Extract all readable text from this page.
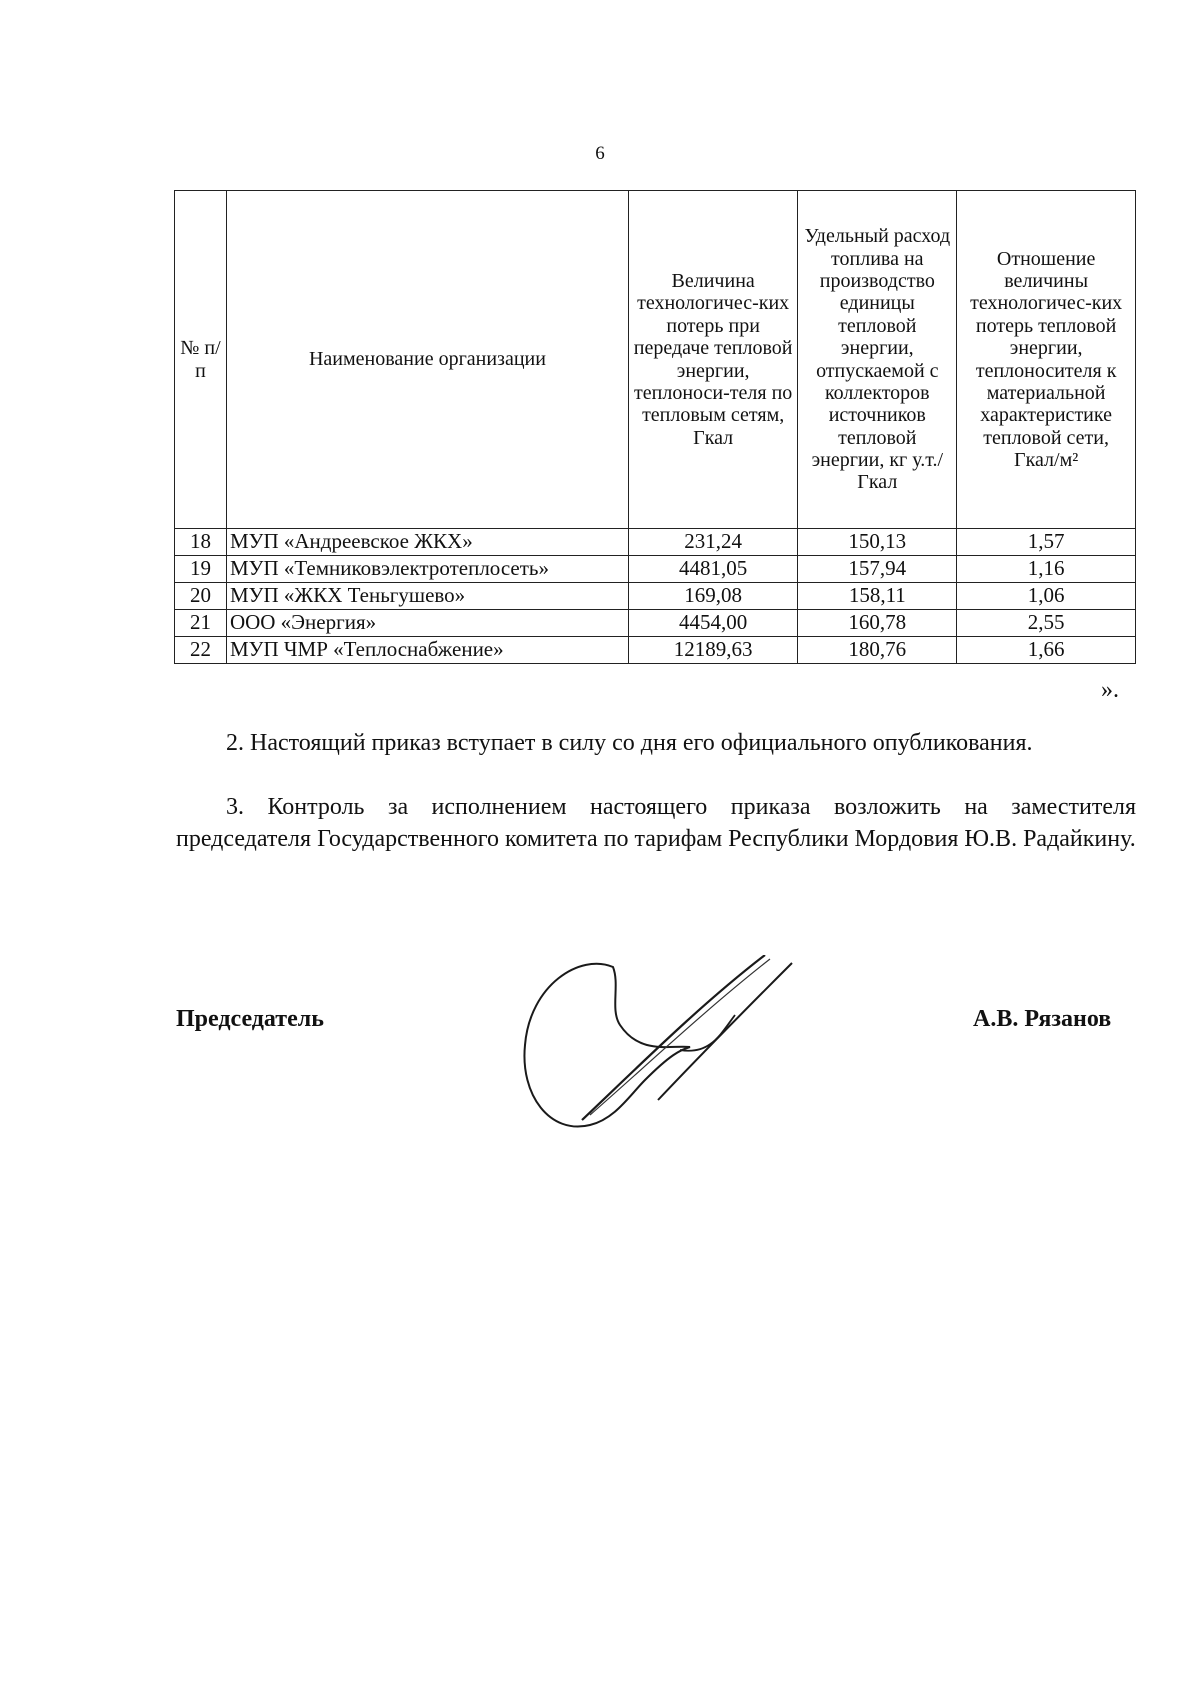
6
№ п/п	Наименование организации	Величина технологичес-ких потерь при передаче тепловой энергии, теплоноси-теля по тепловым сетям, Гкал	Удельный расход топлива на производство единицы тепловой энергии, отпускаемой с коллекторов источников тепловой энергии, кг у.т./Гкал	Отношение величины технологичес-ких потерь тепловой энергии, теплоносителя к материальной характеристике тепловой сети, Гкал/м²
18	МУП «Андреевское ЖКХ»	231,24	150,13	1,57
19	МУП «Темниковэлектротеплосеть»	4481,05	157,94	1,16
20	МУП «ЖКХ Теньгушево»	169,08	158,11	1,06
21	ООО «Энергия»	4454,00	160,78	2,55
22	МУП ЧМР «Теплоснабжение»	12189,63	180,76	1,66
».

2. Настоящий приказ вступает в силу со дня его официального опубликования.

3. Контроль за исполнением настоящего приказа возложить на заместителя председателя Государственного комитета по тарифам Республики Мордовия Ю.В. Радайкину.

Председатель	А.В. Рязанов
